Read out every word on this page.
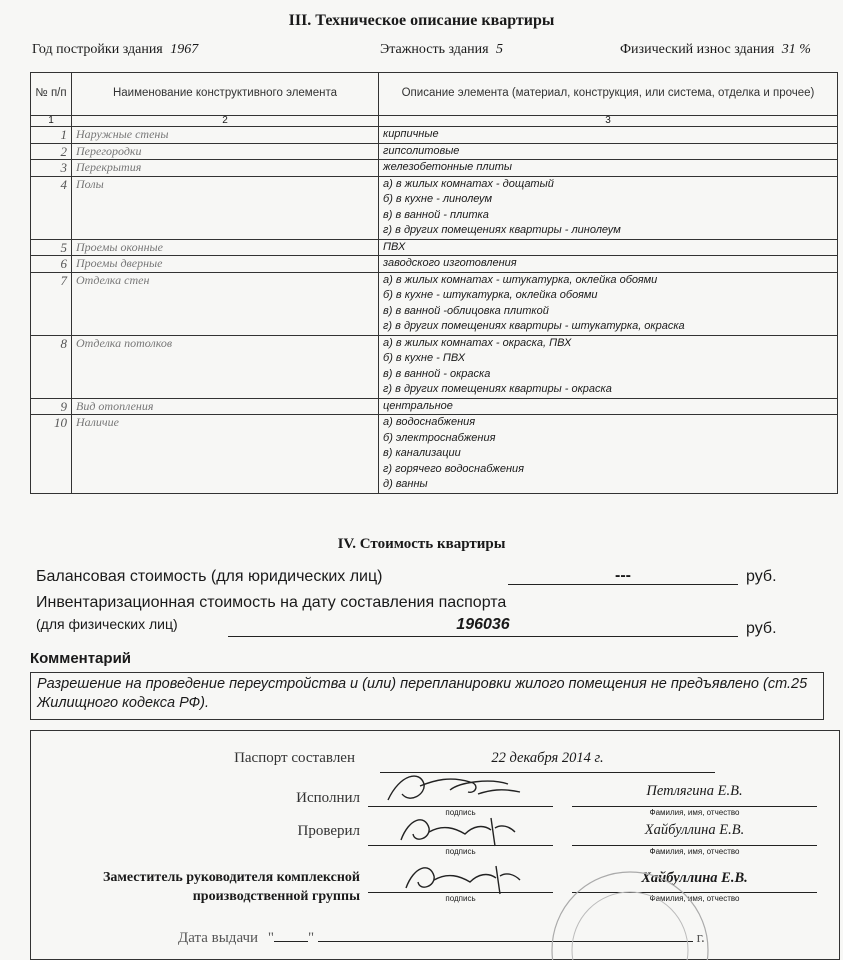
III. Техническое описание квартиры
Год постройки здания 1967	Этажность здания 5	Физический износ здания 31 %
№ п/п	Наименование конструктивного элемента	Описание элемента (материал, конструкция, или система, отделка и прочее)
1	2	3
1	Наружные стены	кирпичные

2	Перегородки	гипсолитовые

3	Перекрытия	железобетонные плиты

4	Полы	а) в жилых комнатах - дощатый
б) в кухне - линолеум
в) в ванной - плитка
г) в других помещениях квартиры - линолеум

5	Проемы оконные	ПВХ

6	Проемы дверные	заводского изготовления

7	Отделка стен	а) в жилых комнатах - штукатурка, оклейка обоями
б) в кухне - штукатурка, оклейка обоями
в) в ванной -облицовка плиткой
г) в других помещениях квартиры - штукатурка, окраска

8	Отделка потолков	а) в жилых комнатах - окраска, ПВХ
б) в кухне - ПВХ
в) в ванной - окраска
г) в других помещениях квартиры - окраска

9	Вид отопления	центральное

10	Наличие	а) водоснабжения
б) электроснабжения
в) канализации
г) горячего водоснабжения
д) ванны
IV. Стоимость квартиры
Балансовая стоимость (для юридических лиц)	---	руб.
Инвентаризационная стоимость на дату составления паспорта
(для физических лиц)	196036	руб.
Комментарий
Разрешение на проведение переустройства и (или) перепланировки жилого помещения не предъявлено (ст.25 Жилищного кодекса РФ).
Паспорт составлен	22 декабря 2014 г.
Исполнил
подпись
Петлягина Е.В.
Фамилия, имя, отчество
Проверил
подпись
Хайбуллина Е.В.
Фамилия, имя, отчество
Заместитель руководителя комплексной
производственной группы	подпись
Хайбуллина Е.В.
Фамилия, имя, отчество
Дата выдачи " "	г.
